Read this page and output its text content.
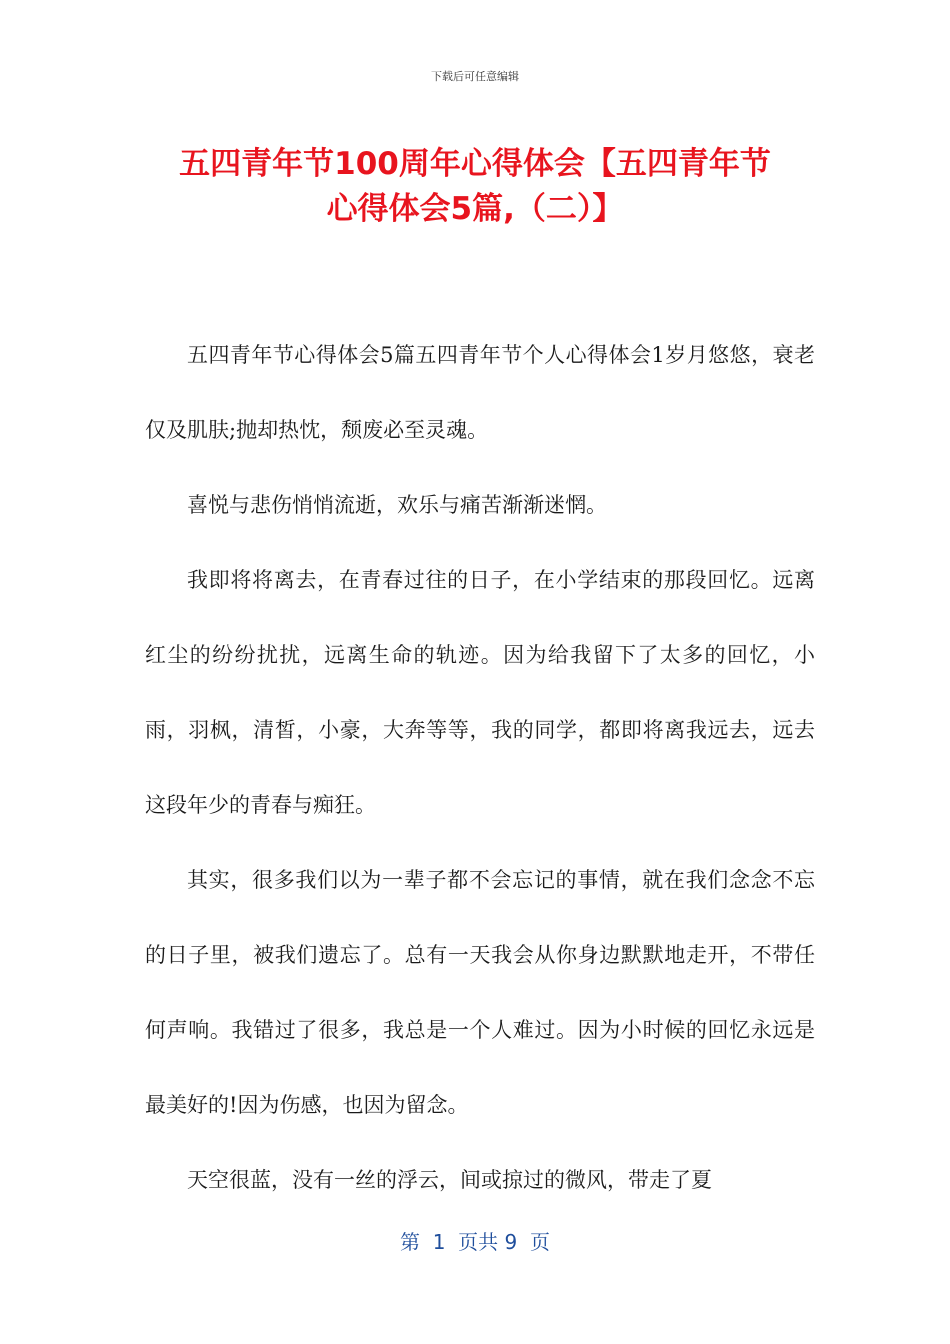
下载后可任意编辑
五四青年节100周年心得体会【五四青年节
心得体会5篇,（二）】

五四青年节心得体会5篇五四青年节个人心得体会1岁月悠悠，衰老仅及肌肤;抛却热忱，颓废必至灵魂。

喜悦与悲伤悄悄流逝，欢乐与痛苦渐渐迷惘。

我即将将离去，在青春过往的日子，在小学结束的那段回忆。远离红尘的纷纷扰扰，远离生命的轨迹。因为给我留下了太多的回忆，小雨，羽枫，清皙，小豪，大奔等等，我的同学，都即将离我远去，远去这段年少的青春与痴狂。

其实，很多我们以为一辈子都不会忘记的事情，就在我们念念不忘的日子里，被我们遗忘了。总有一天我会从你身边默默地走开，不带任何声响。我错过了很多，我总是一个人难过。因为小时候的回忆永远是最美好的!因为伤感，也因为留念。

天空很蓝，没有一丝的浮云，间或掠过的微风，带走了夏

第  1  页共 9  页
